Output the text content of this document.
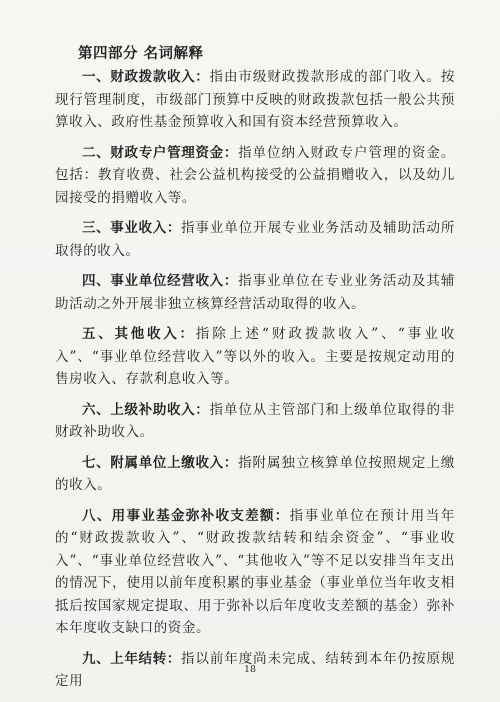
第四部分 名词解释

一、财政拨款收入：指由市级财政拨款形成的部门收入。按现行管理制度，市级部门预算中反映的财政拨款包括一般公共预算收入、政府性基金预算收入和国有资本经营预算收入。

二、财政专户管理资金：指单位纳入财政专户管理的资金。包括：教育收费、社会公益机构接受的公益捐赠收入，以及幼儿园接受的捐赠收入等。

三、事业收入：指事业单位开展专业业务活动及辅助活动所取得的收入。

四、事业单位经营收入：指事业单位在专业业务活动及其辅助活动之外开展非独立核算经营活动取得的收入。

五、其他收入：指除上述“财政拨款收入”、“事业收入”、“事业单位经营收入”等以外的收入。主要是按规定动用的售房收入、存款利息收入等。

六、上级补助收入：指单位从主管部门和上级单位取得的非财政补助收入。

七、附属单位上缴收入：指附属独立核算单位按照规定上缴的收入。

八、用事业基金弥补收支差额：指事业单位在预计用当年的“财政拨款收入”、“财政拨款结转和结余资金”、“事业收入”、“事业单位经营收入”、“其他收入”等不足以安排当年支出的情况下，使用以前年度积累的事业基金（事业单位当年收支相抵后按国家规定提取、用于弥补以后年度收支差额的基金）弥补本年度收支缺口的资金。

九、上年结转：指以前年度尚未完成、结转到本年仍按原规定用

18
